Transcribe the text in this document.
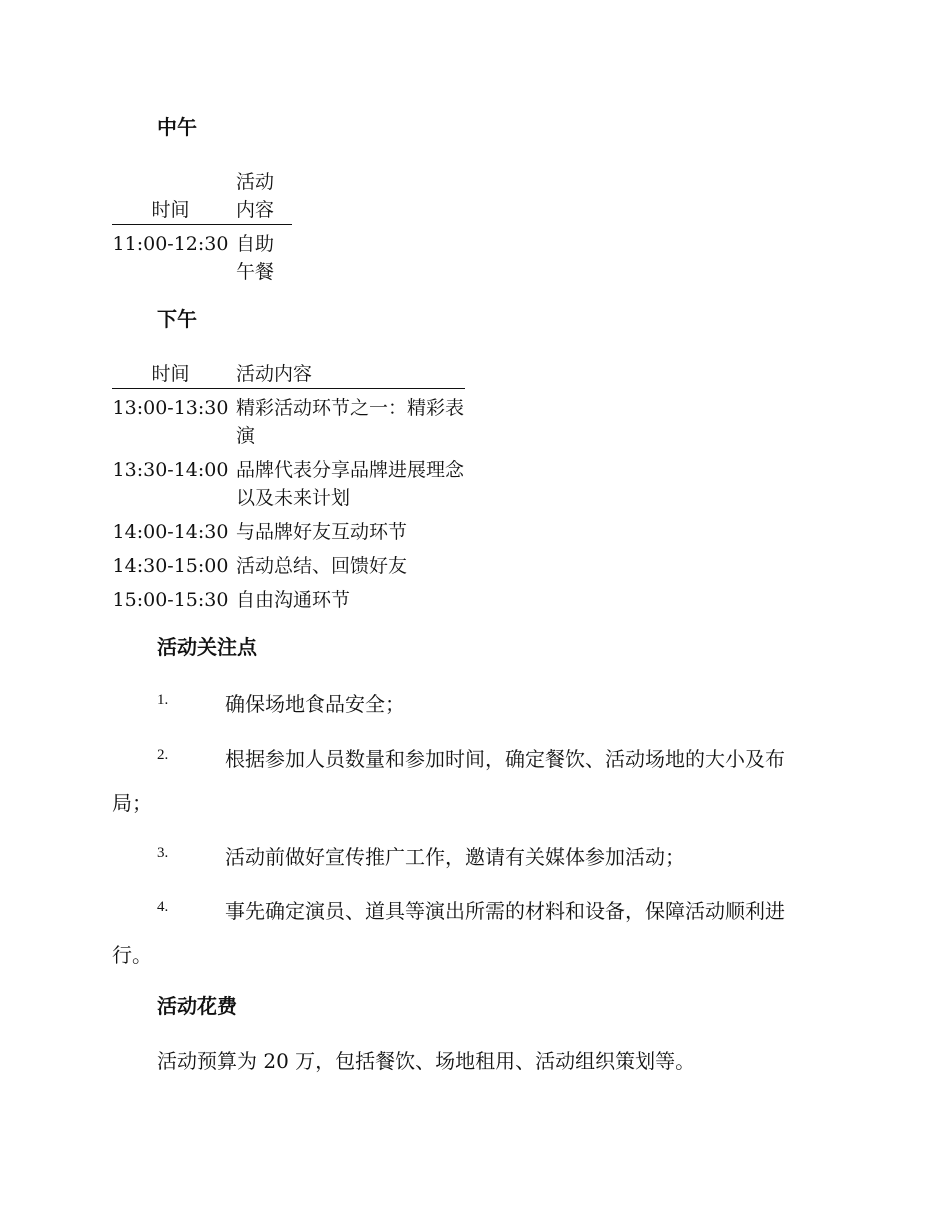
中午
时间	活动内容
11:00-12:30	自助午餐
下午
时间	活动内容
13:00-13:30	精彩活动环节之一：精彩表演
13:30-14:00	品牌代表分享品牌进展理念以及未来计划
14:00-14:30	与品牌好友互动环节
14:30-15:00	活动总结、回馈好友
15:00-15:30	自由沟通环节
活动关注点
1.	确保场地食品安全；
2.	根据参加人员数量和参加时间，确定餐饮、活动场地的大小及布
局；
3.	活动前做好宣传推广工作，邀请有关媒体参加活动；
4.	事先确定演员、道具等演出所需的材料和设备，保障活动顺利进
行。
活动花费
活动预算为 20 万，包括餐饮、场地租用、活动组织策划等。
